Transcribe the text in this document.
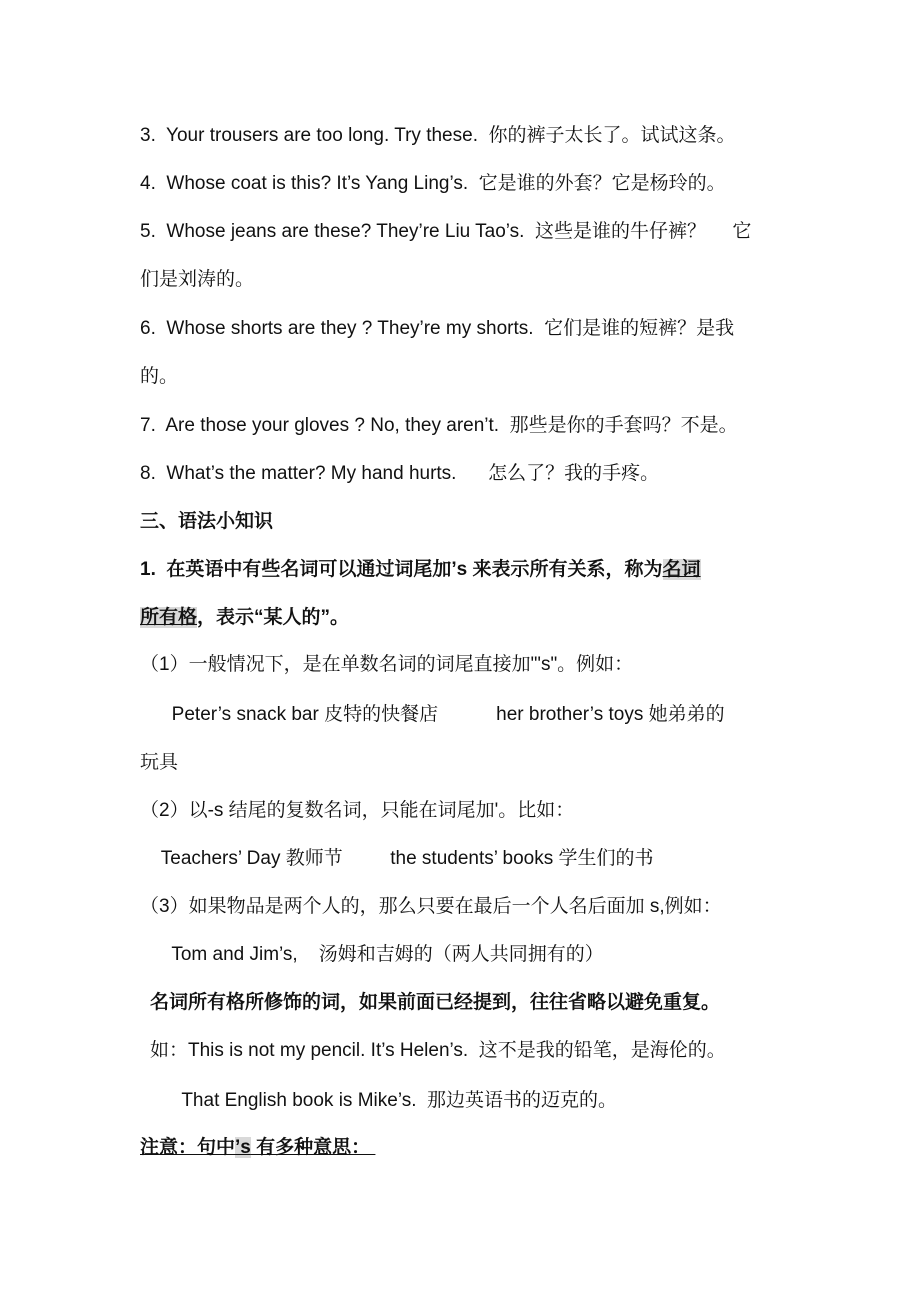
3.  Your trousers are too long. Try these.  你的裤子太长了。试试这条。
4.  Whose coat is this? It’s Yang Ling’s.  它是谁的外套？它是杨玲的。
5.  Whose jeans are these? They’re Liu Tao’s.  这些是谁的牛仔裤？     它
们是刘涛的。
6.  Whose shorts are they ? They’re my shorts.  它们是谁的短裤？是我
的。
7.  Are those your gloves ? No, they aren’t.  那些是你的手套吗？不是。
8.  What’s the matter? My hand hurts.      怎么了？我的手疼。
三、语法小知识
1.  在英语中有些名词可以通过词尾加’s 来表示所有关系，称为名词
所有格，表示“某人的”。
（1）一般情况下，是在单数名词的词尾直接加"'s"。例如：
Peter’s snack bar 皮特的快餐店           her brother’s toys 她弟弟的
玩具
（2）以-s 结尾的复数名词，只能在词尾加'。比如：
Teachers’ Day 教师节         the students’ books 学生们的书
（3）如果物品是两个人的，那么只要在最后一个人名后面加 s,例如：
Tom and Jim’s,    汤姆和吉姆的（两人共同拥有的）
名词所有格所修饰的词，如果前面已经提到，往往省略以避免重复。
如：This is not my pencil. It’s Helen’s.  这不是我的铅笔，是海伦的。
That English book is Mike’s.  那边英语书的迈克的。
注意：句中’s 有多种意思：
